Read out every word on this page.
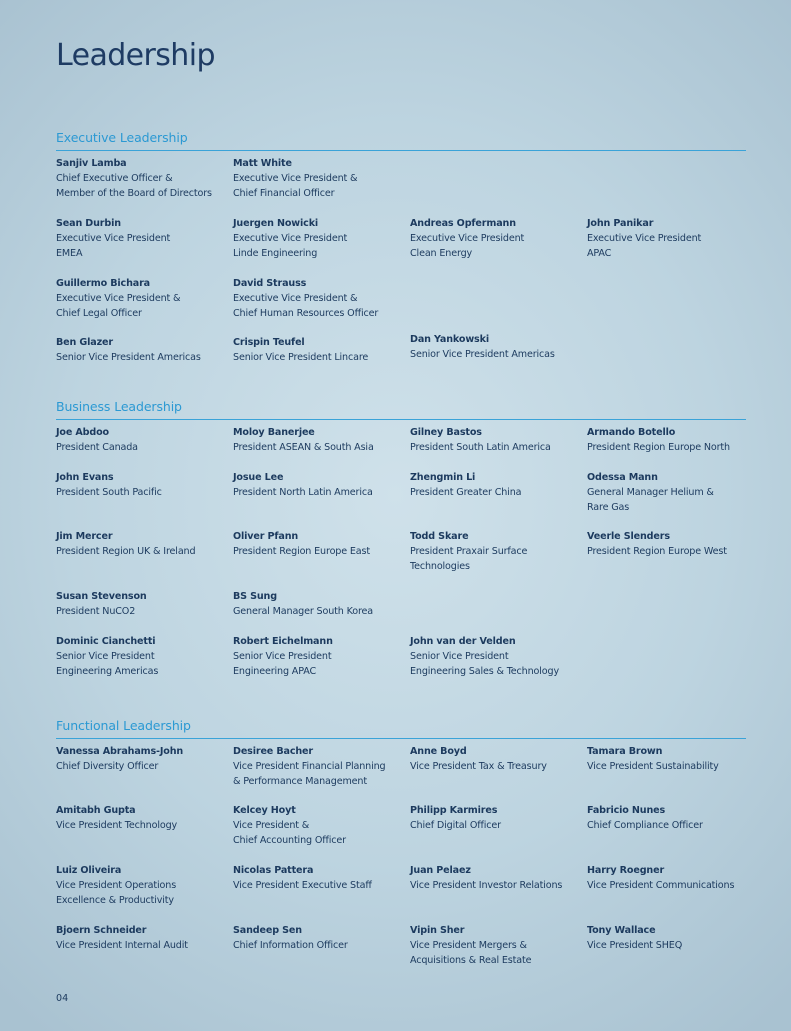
Leadership
Executive Leadership
Sanjiv Lamba
Chief Executive Officer &
Member of the Board of Directors
Matt White
Executive Vice President &
Chief Financial Officer
Sean Durbin
Executive Vice President
EMEA
Juergen Nowicki
Executive Vice President
Linde Engineering
Andreas Opfermann
Executive Vice President
Clean Energy
John Panikar
Executive Vice President
APAC
Guillermo Bichara
Executive Vice President &
Chief Legal Officer
David Strauss
Executive Vice President &
Chief Human Resources Officer
Ben Glazer
Senior Vice President Americas
Crispin Teufel
Senior Vice President Lincare
Dan Yankowski
Senior Vice President Americas
Business Leadership
Joe Abdoo
President Canada
Moloy Banerjee
President ASEAN & South Asia
Gilney Bastos
President South Latin America
Armando Botello
President Region Europe North
John Evans
President South Pacific
Josue Lee
President North Latin America
Zhengmin Li
President Greater China
Odessa Mann
General Manager Helium &
Rare Gas
Jim Mercer
President Region UK & Ireland
Oliver Pfann
President Region Europe East
Todd Skare
President Praxair Surface
Technologies
Veerle Slenders
President Region Europe West
Susan Stevenson
President NuCO2
BS Sung
General Manager South Korea
Dominic Cianchetti
Senior Vice President
Engineering Americas
Robert Eichelmann
Senior Vice President
Engineering APAC
John van der Velden
Senior Vice President
Engineering Sales & Technology
Functional Leadership
Vanessa Abrahams-John
Chief Diversity Officer
Desiree Bacher
Vice President Financial Planning
& Performance Management
Anne Boyd
Vice President Tax & Treasury
Tamara Brown
Vice President Sustainability
Amitabh Gupta
Vice President Technology
Kelcey Hoyt
Vice President &
Chief Accounting Officer
Philipp Karmires
Chief Digital Officer
Fabricio Nunes
Chief Compliance Officer
Luiz Oliveira
Vice President Operations
Excellence & Productivity
Nicolas Pattera
Vice President Executive Staff
Juan Pelaez
Vice President Investor Relations
Harry Roegner
Vice President Communications
Bjoern Schneider
Vice President Internal Audit
Sandeep Sen
Chief Information Officer
Vipin Sher
Vice President Mergers &
Acquisitions & Real Estate
Tony Wallace
Vice President SHEQ
04
